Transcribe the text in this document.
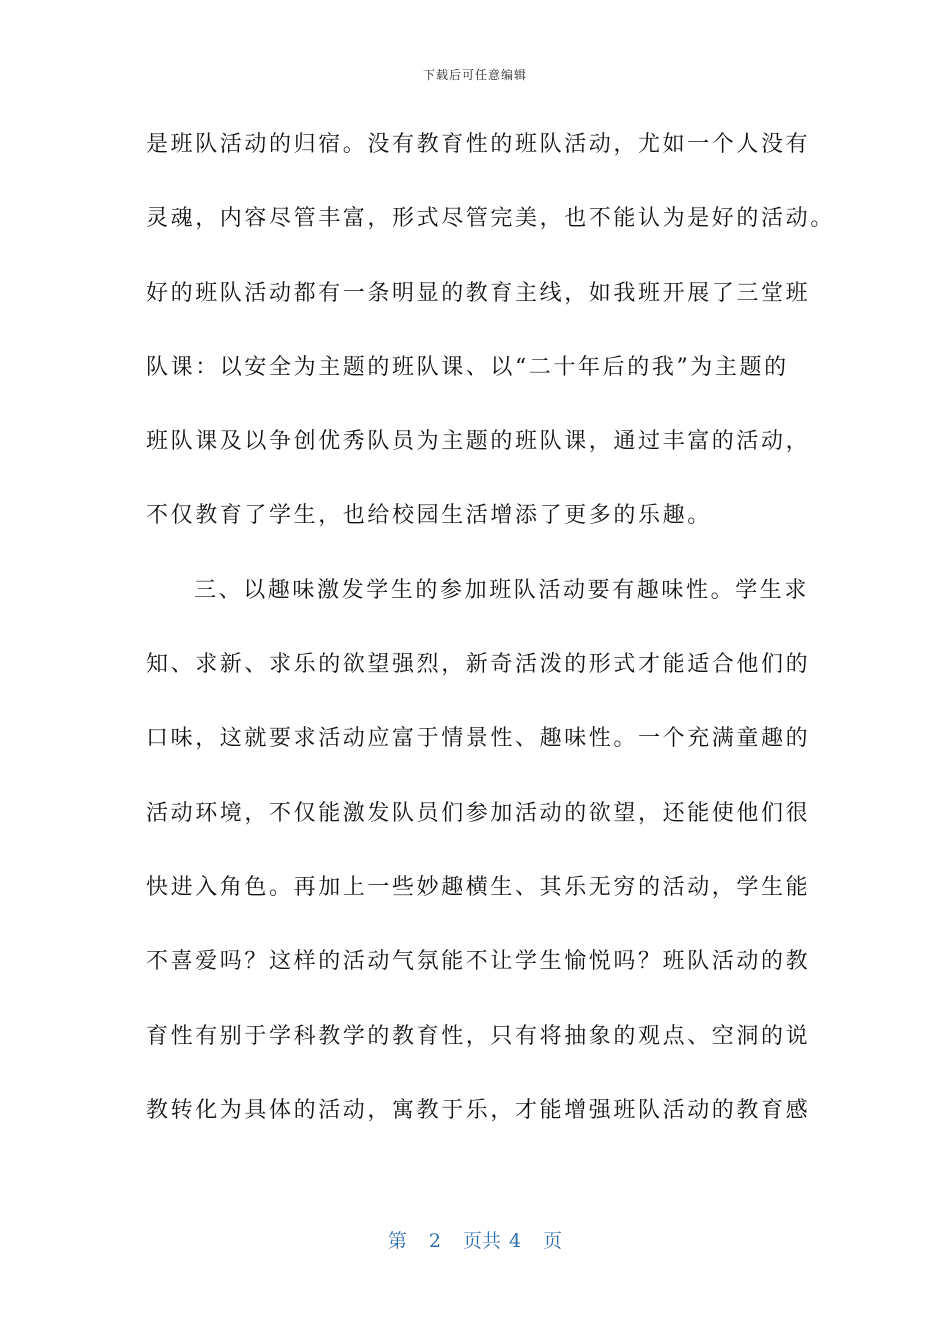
下载后可任意编辑
是班队活动的归宿。没有教育性的班队活动，尤如一个人没有
灵魂，内容尽管丰富，形式尽管完美，也不能认为是好的活动。
好的班队活动都有一条明显的教育主线，如我班开展了三堂班
队课：以安全为主题的班队课、以“二十年后的我”为主题的
班队课及以争创优秀队员为主题的班队课，通过丰富的活动，
不仅教育了学生，也给校园生活增添了更多的乐趣。
三、以趣味激发学生的参加班队活动要有趣味性。学生求
知、求新、求乐的欲望强烈，新奇活泼的形式才能适合他们的
口味，这就要求活动应富于情景性、趣味性。一个充满童趣的
活动环境，不仅能激发队员们参加活动的欲望，还能使他们很
快进入角色。再加上一些妙趣横生、其乐无穷的活动，学生能
不喜爱吗？这样的活动气氛能不让学生愉悦吗？班队活动的教
育性有别于学科教学的教育性，只有将抽象的观点、空洞的说
教转化为具体的活动，寓教于乐，才能增强班队活动的教育感
第 2 页共 4 页
